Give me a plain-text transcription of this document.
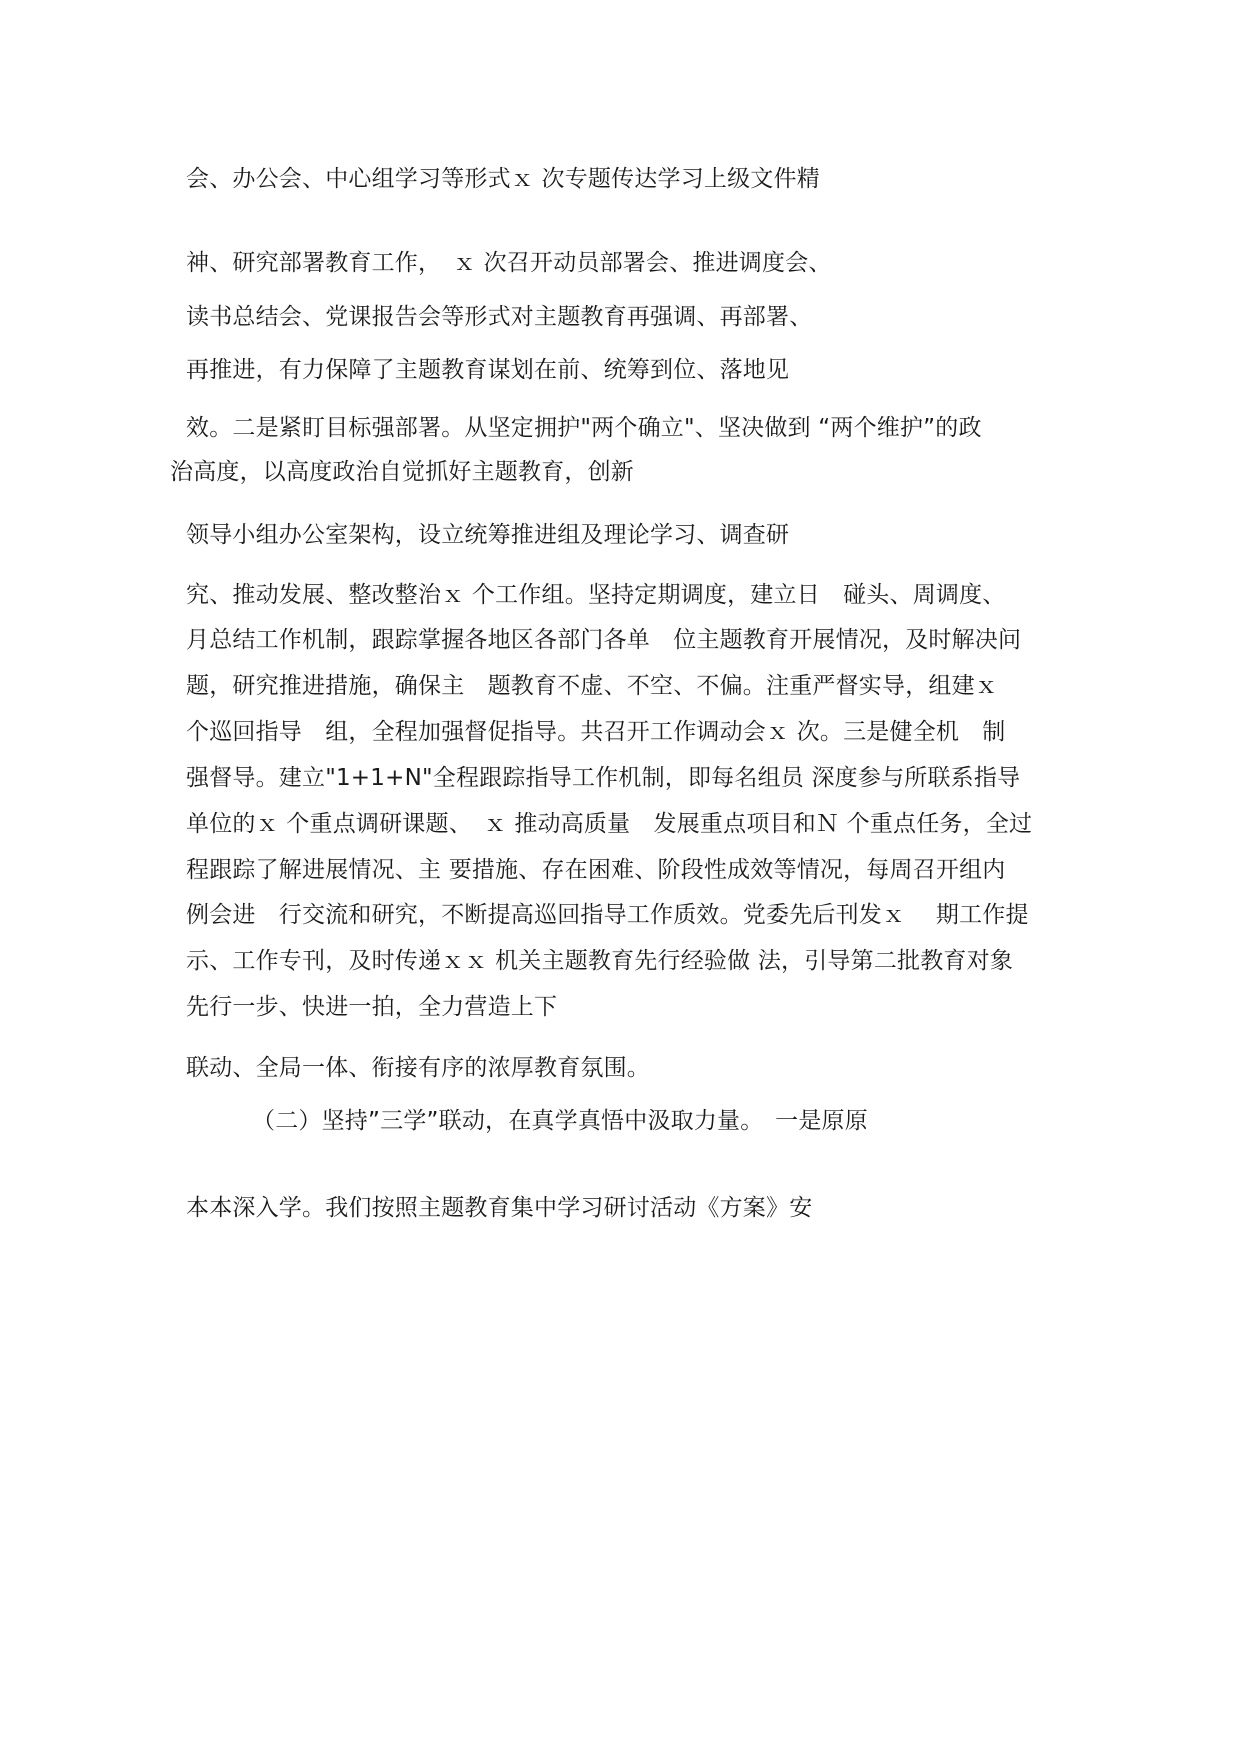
会、办公会、中心组学习等形式ｘ 次专题传达学习上级文件精
神、研究部署教育工作，　ｘ 次召开动员部署会、推进调度会、
读书总结会、党课报告会等形式对主题教育再强调、再部署、
再推进，有力保障了主题教育谋划在前、统筹到位、落地见
效。二是紧盯目标强部署。从坚定拥护"两个确立"、坚决做到 “两个维护”的政
治高度，以高度政治自觉抓好主题教育，创新
领导小组办公室架构，设立统筹推进组及理论学习、调查研
究、推动发展、整改整治ｘ 个工作组。坚持定期调度，建立日　碰头、周调度、
月总结工作机制，跟踪掌握各地区各部门各单　位主题教育开展情况，及时解决问
题，研究推进措施，确保主　题教育不虚、不空、不偏。注重严督实导，组建ｘ
个巡回指导　组，全程加强督促指导。共召开工作调动会ｘ 次。三是健全机　制
强督导。建立"1+1+N"全程跟踪指导工作机制，即每名组员 深度参与所联系指导
单位的ｘ 个重点调研课题、　ｘ 推动高质量　发展重点项目和Ｎ 个重点任务，全过
程跟踪了解进展情况、主 要措施、存在困难、阶段性成效等情况，每周召开组内
例会进　行交流和研究，不断提高巡回指导工作质效。党委先后刊发ｘ　 期工作提
示、工作专刊，及时传递ｘｘ 机关主题教育先行经验做 法，引导第二批教育对象
先行一步、快进一拍，全力营造上下
联动、全局一体、衔接有序的浓厚教育氛围。
（二）坚持”三学”联动，在真学真悟中汲取力量。　一是原原
本本深入学。我们按照主题教育集中学习研讨活动《方案》安
